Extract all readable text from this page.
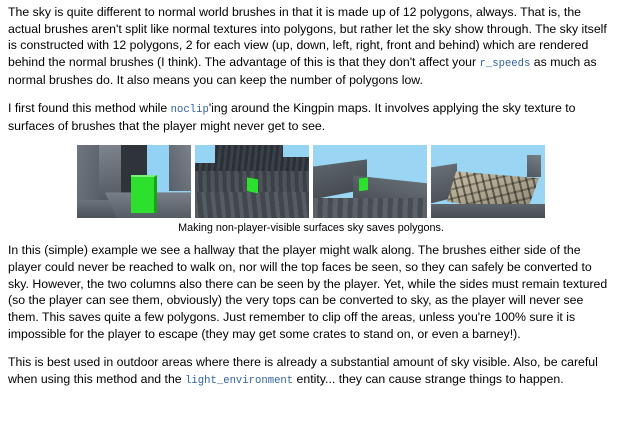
The sky is quite different to normal world brushes in that it is made up of 12 polygons, always. That is, the actual brushes aren't split like normal textures into polygons, but rather let the sky show through. The sky itself is constructed with 12 polygons, 2 for each view (up, down, left, right, front and behind) which are rendered behind the normal brushes (I think). The advantage of this is that they don't affect your r_speeds as much as normal brushes do. It also means you can keep the number of polygons low.

I first found this method while noclip'ing around the Kingpin maps. It involves applying the sky texture to surfaces of brushes that the player might never get to see.

Making non-player-visible surfaces sky saves polygons.

In this (simple) example we see a hallway that the player might walk along. The brushes either side of the player could never be reached to walk on, nor will the top faces be seen, so they can safely be converted to sky. However, the two columns also there can be seen by the player. Yet, while the sides must remain textured (so the player can see them, obviously) the very tops can be converted to sky, as the player will never see them. This saves quite a few polygons. Just remember to clip off the areas, unless you're 100% sure it is impossible for the player to escape (they may get some crates to stand on, or even a barney!).

This is best used in outdoor areas where there is already a substantial amount of sky visible. Also, be careful when using this method and the light_environment entity... they can cause strange things to happen.
